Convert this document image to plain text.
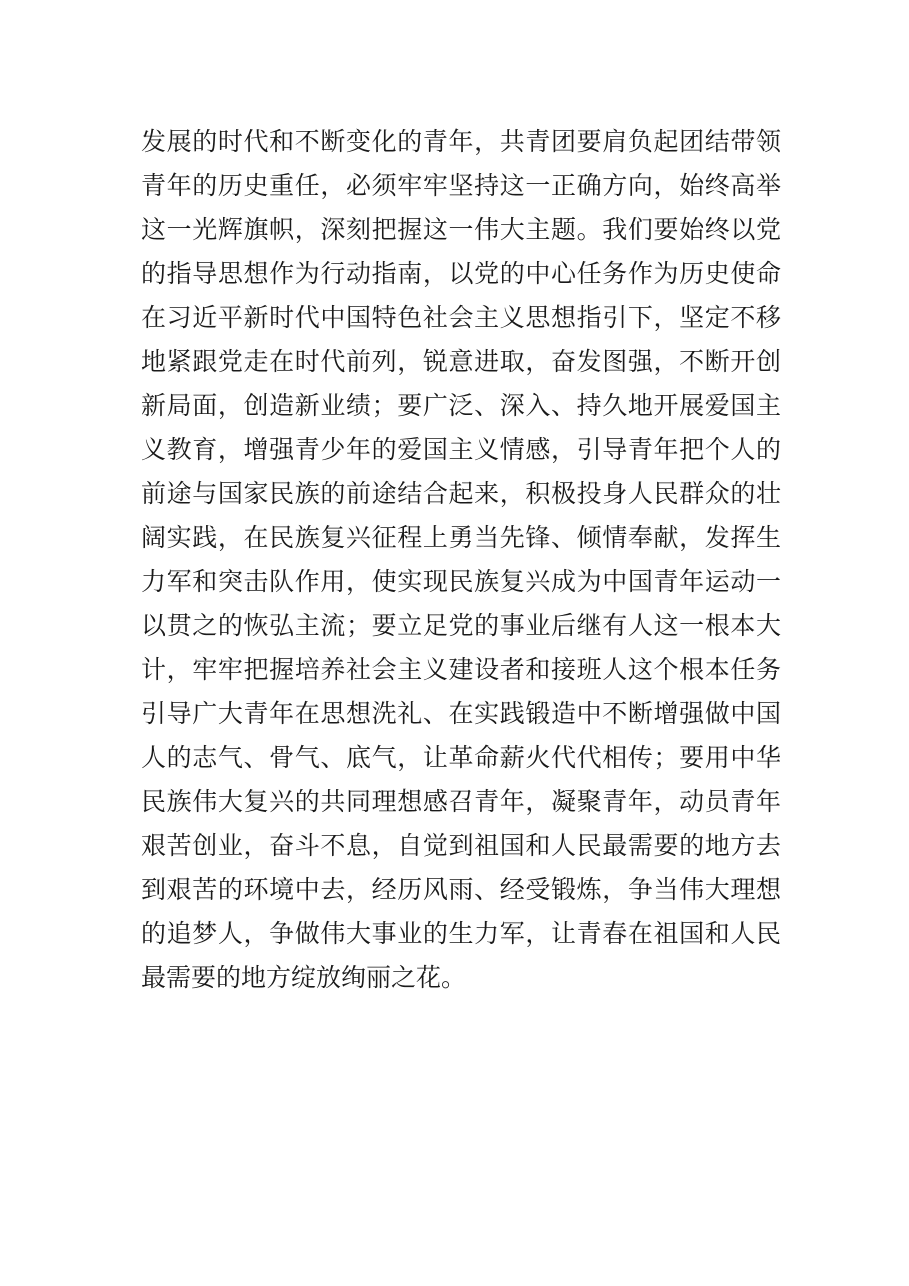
发展的时代和不断变化的青年，共青团要肩负起团结带领
青年的历史重任，必须牢牢坚持这一正确方向，始终高举
这一光辉旗帜，深刻把握这一伟大主题。我们要始终以党
的指导思想作为行动指南，以党的中心任务作为历史使命
在习近平新时代中国特色社会主义思想指引下，坚定不移
地紧跟党走在时代前列，锐意进取，奋发图强，不断开创
新局面，创造新业绩；要广泛、深入、持久地开展爱国主
义教育，增强青少年的爱国主义情感，引导青年把个人的
前途与国家民族的前途结合起来，积极投身人民群众的壮
阔实践，在民族复兴征程上勇当先锋、倾情奉献，发挥生
力军和突击队作用，使实现民族复兴成为中国青年运动一
以贯之的恢弘主流；要立足党的事业后继有人这一根本大
计，牢牢把握培养社会主义建设者和接班人这个根本任务
引导广大青年在思想洗礼、在实践锻造中不断增强做中国
人的志气、骨气、底气，让革命薪火代代相传；要用中华
民族伟大复兴的共同理想感召青年，凝聚青年，动员青年
艰苦创业，奋斗不息，自觉到祖国和人民最需要的地方去
到艰苦的环境中去，经历风雨、经受锻炼，争当伟大理想
的追梦人，争做伟大事业的生力军，让青春在祖国和人民
最需要的地方绽放绚丽之花。
